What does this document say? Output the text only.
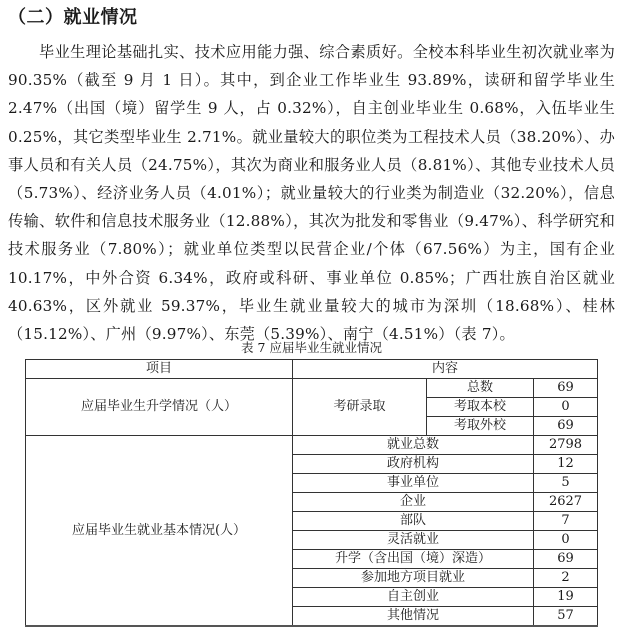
（二）就业情况

毕业生理论基础扎实、技术应用能力强、综合素质好。全校本科毕业生初次就业率为 90.35%（截至 9 月 1 日）。其中，到企业工作毕业生 93.89%，读研和留学毕业生 2.47%（出国（境）留学生 9 人，占 0.32%），自主创业毕业生 0.68%，入伍毕业生 0.25%，其它类型毕业生 2.71%。就业量较大的职位类为工程技术人员（38.20%）、办事人员和有关人员（24.75%），其次为商业和服务业人员（8.81%）、其他专业技术人员（5.73%）、经济业务人员（4.01%）；就业量较大的行业类为制造业（32.20%），信息传输、软件和信息技术服务业（12.88%），其次为批发和零售业（9.47%）、科学研究和技术服务业（7.80%）；就业单位类型以民营企业/个体（67.56%）为主，国有企业 10.17%，中外合资 6.34%，政府或科研、事业单位 0.85%；广西壮族自治区就业 40.63%，区外就业 59.37%，毕业生就业量较大的城市为深圳（18.68%）、桂林（15.12%）、广州（9.97%）、东莞（5.39%）、南宁（4.51%）（表 7）。

表 7 应届毕业生就业情况
项目	内容		
应届毕业生升学情况（人）	考研录取	总数	69
		考取本校	0
		考取外校	69
应届毕业生就业基本情况(人）	就业总数		2798
	政府机构		12
	事业单位		5
	企业		2627
	部队		7
	灵活就业		0
	升学（含出国（境）深造）		69
	参加地方项目就业		2
	自主创业		19
	其他情况		57
